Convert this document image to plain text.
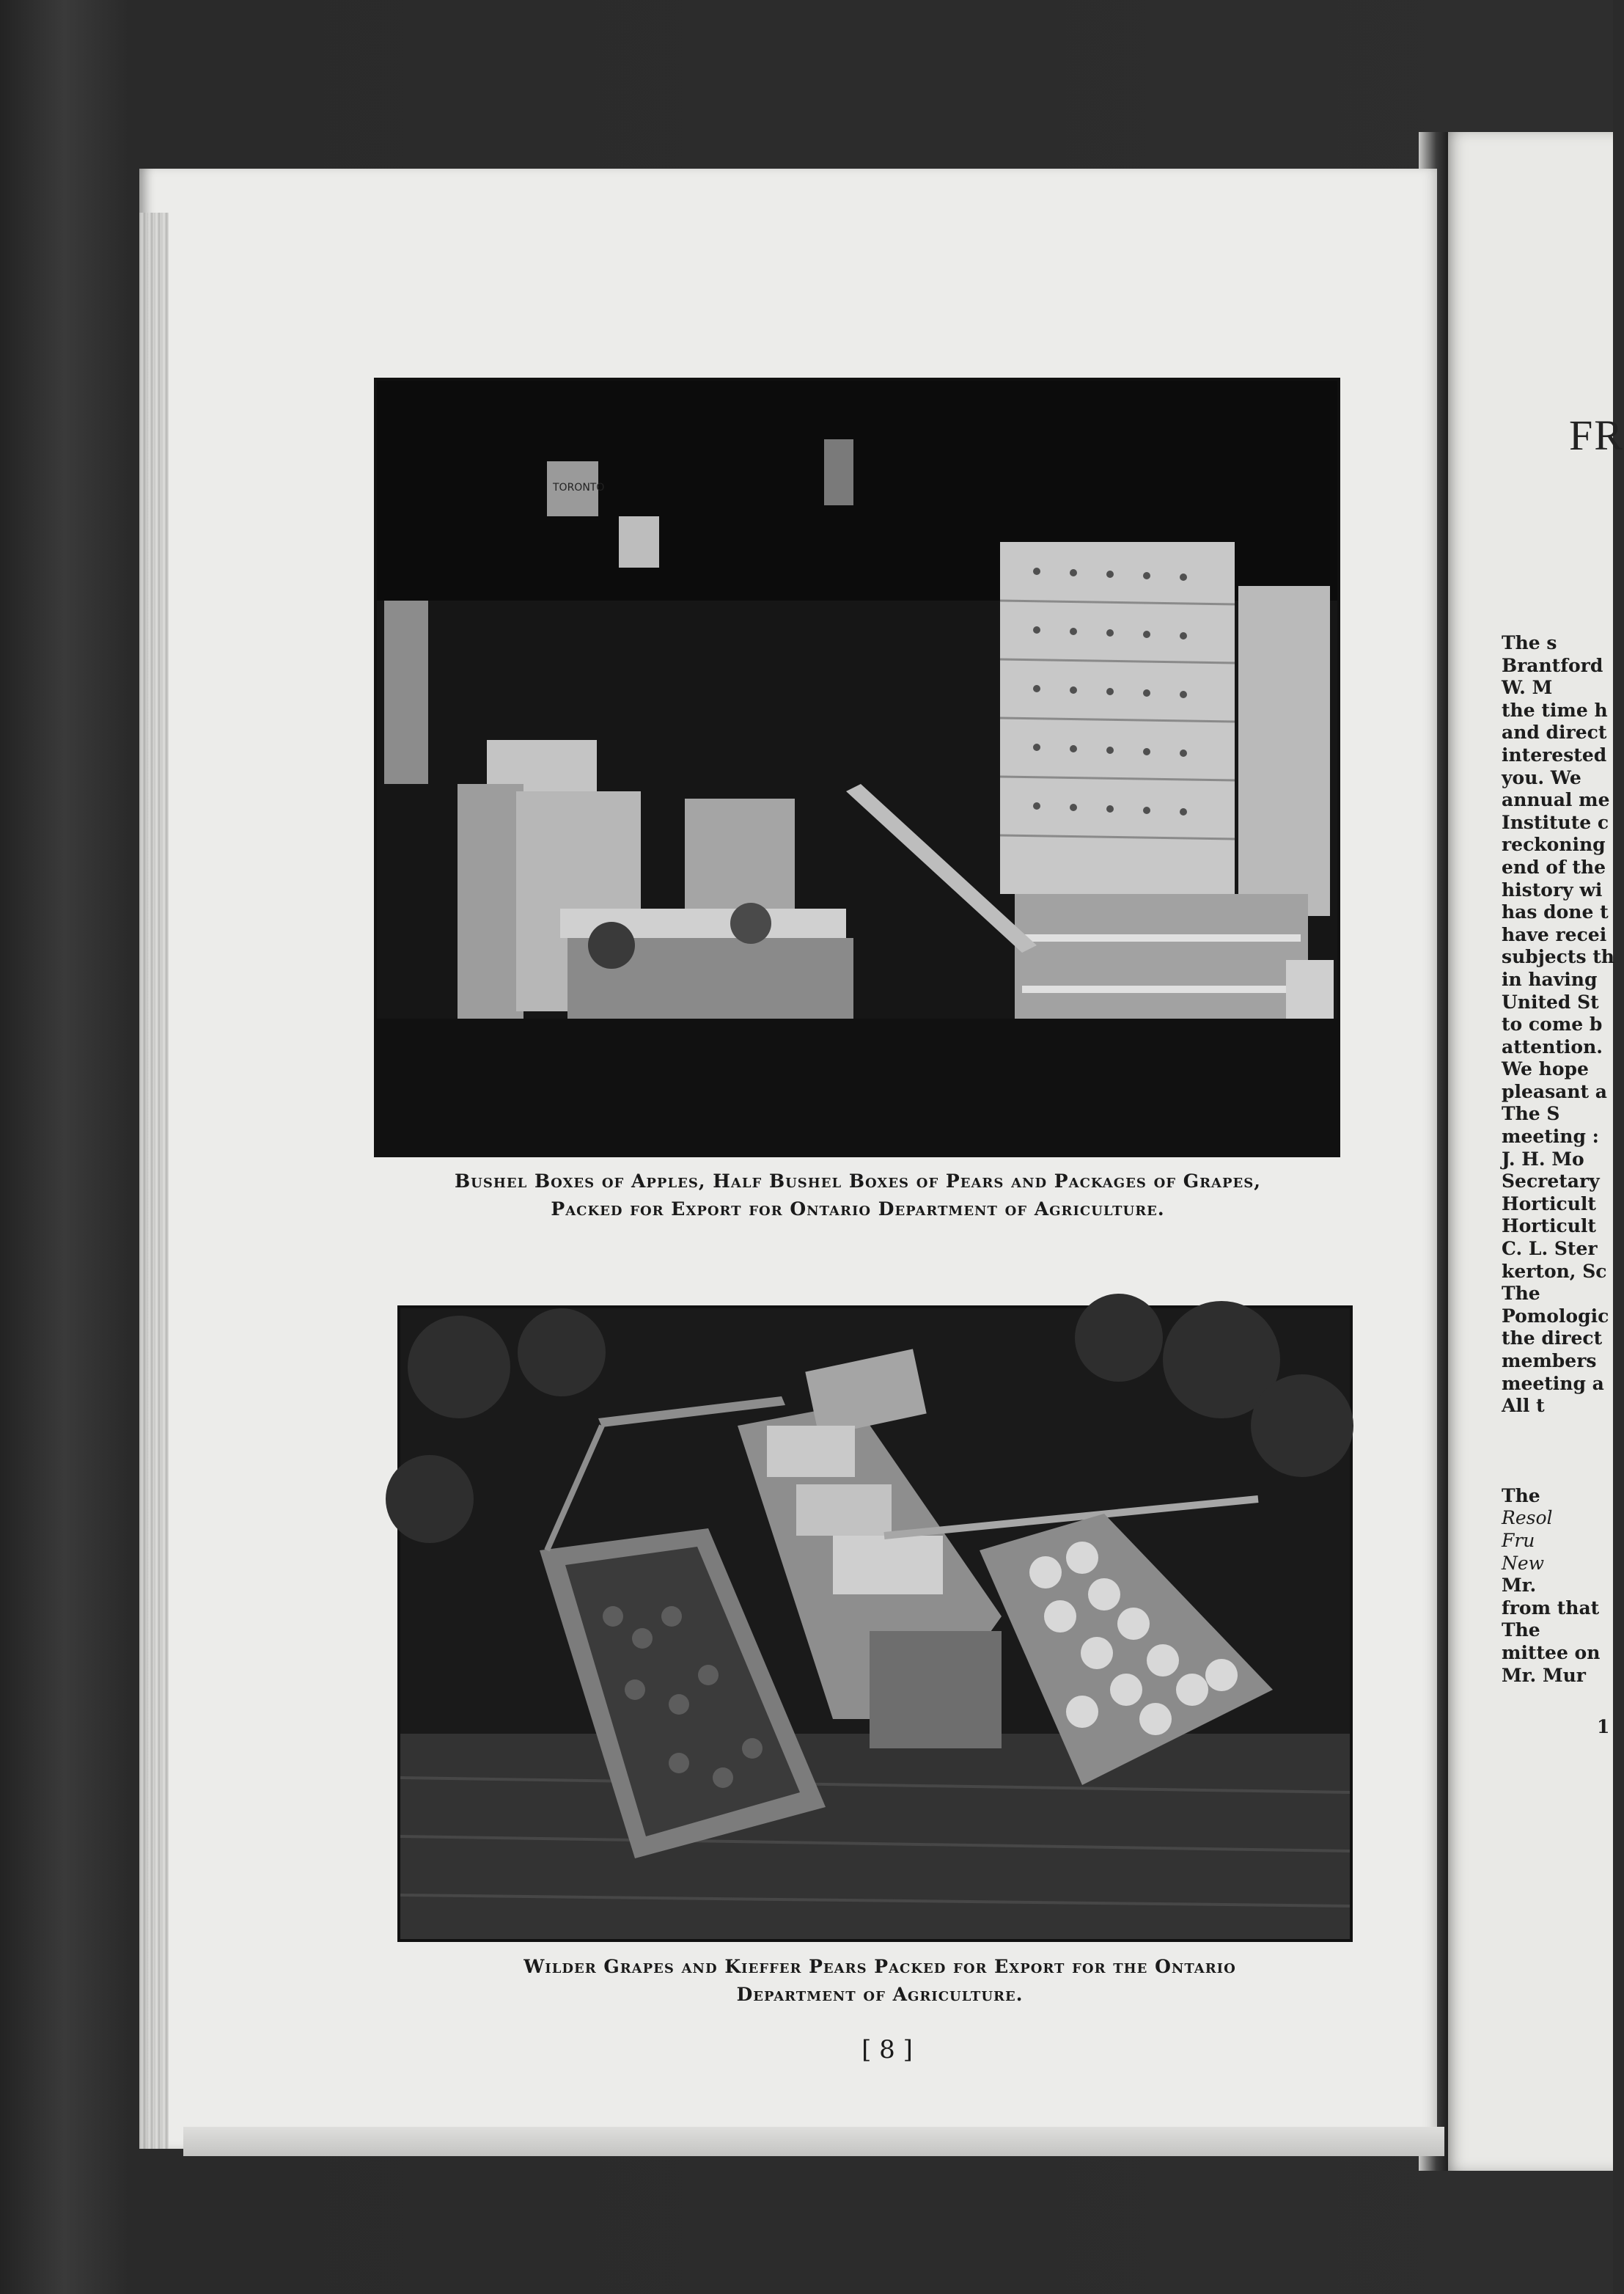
TORONTO
Bushel Boxes of Apples, Half Bushel Boxes of Pears and Packages of Grapes,
Packed for Export for Ontario Department of Agriculture.
Wilder Grapes and Kieffer Pears Packed for Export for the Ontario
Department of Agriculture.
[ 8 ]
FR
The s
Brantford
W. M
the time h
and direct
interested
you. We
annual me
Institute c
reckoning
end of the
history wi
has done t
have recei
subjects th
in having
United St
to come b
attention.
We hope
pleasant a
The S
meeting :
J. H. Mo
Secretary
Horticult
Horticult
C. L. Ster
kerton, Sc
The
Pomologic
the direct
members
meeting a
All t
The
Resol
Fru
New
Mr.
from that
The
mittee on
Mr. Mur
1
